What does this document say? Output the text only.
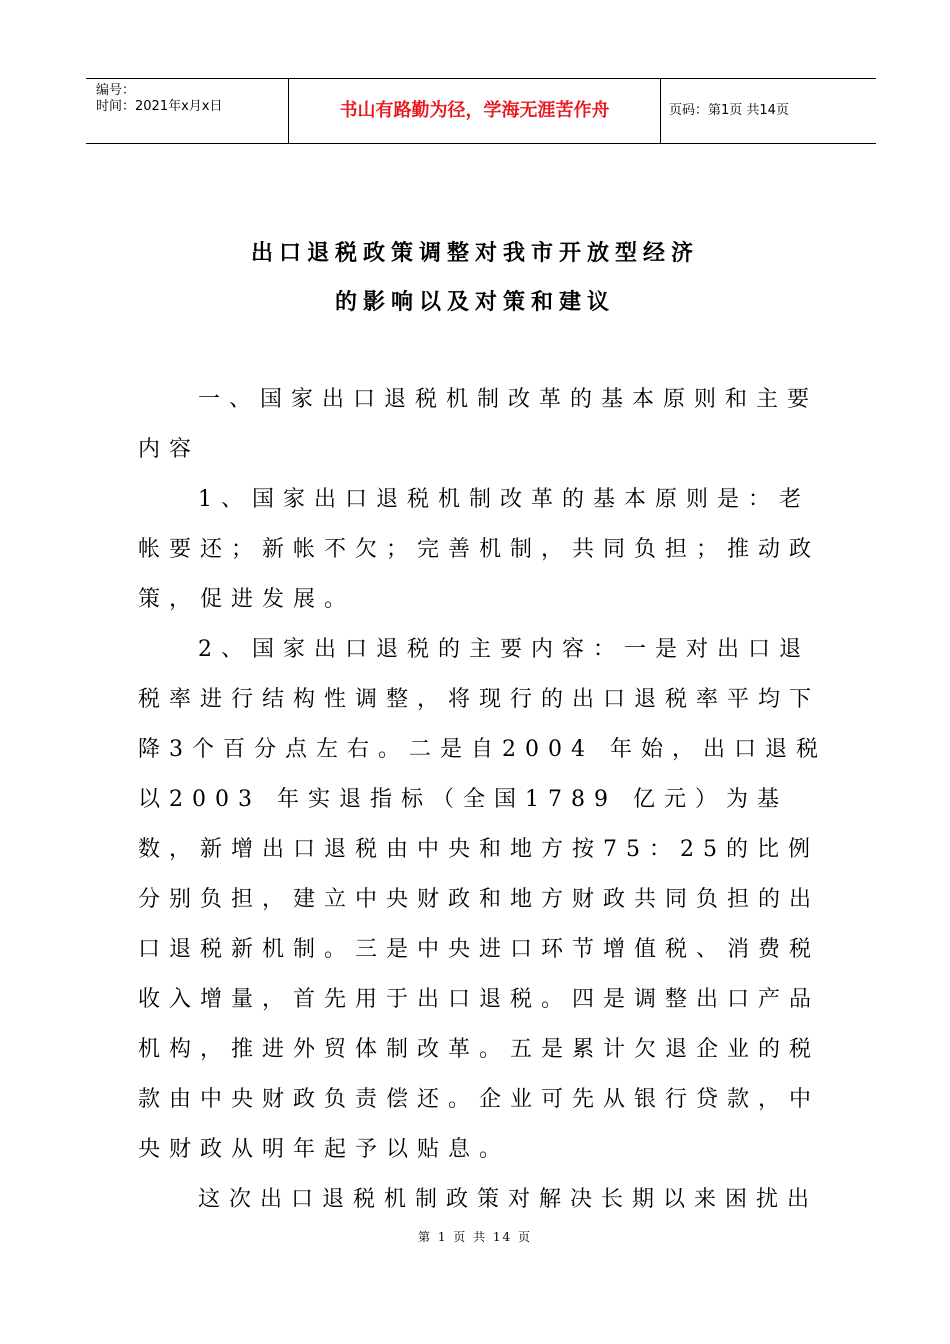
编号：
时间：2021年x月x日	书山有路勤为径，学海无涯苦作舟	页码：第1页 共14页
出口退税政策调整对我市开放型经济
的影响以及对策和建议

一、国家出口退税机制改革的基本原则和主要内容

1、国家出口退税机制改革的基本原则是：老帐要还；新帐不欠；完善机制，共同负担；推动政策，促进发展。

2、国家出口退税的主要内容：一是对出口退税率进行结构性调整，将现行的出口退税率平均下降3个百分点左右。二是自2004 年始，出口退税以2003 年实退指标（全国1789 亿元）为基数，新增出口退税由中央和地方按75：25的比例分别负担，建立中央财政和地方财政共同负担的出口退税新机制。三是中央进口环节增值税、消费税收入增量，首先用于出口退税。四是调整出口产品机构，推进外贸体制改革。五是累计欠退企业的税款由中央财政负责偿还。企业可先从银行贷款，中央财政从明年起予以贴息。

这次出口退税机制政策对解决长期以来困扰出

第 1 页 共 14 页
